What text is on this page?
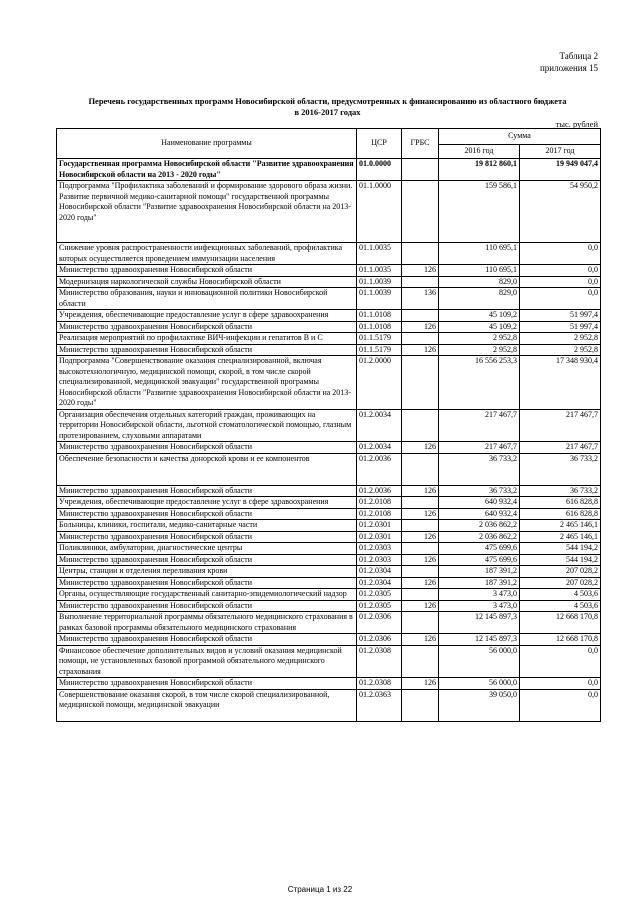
Таблица 2
приложения 15
Перечень государственных программ Новосибирской области, предусмотренных к финансированию из областного бюджета
в 2016-2017 годах
тыс. рублей
Наименование программы	ЦСР	ГРБС	Сумма	
			2016 год	2017 год
Государственная программа Новосибирской области "Развитие здравоохранения Новосибирской области на 2013 - 2020 годы"	01.0.0000		19 812 860,1	19 949 047,4
Подпрограмма "Профилактика заболеваний и формирование здорового образа жизни. Развитие первичной медико-санитарной помощи" государственной программы Новосибирской области "Развитие здравоохранения Новосибирской области на 2013-2020 годы"	01.1.0000		159 586,1	54 950,2
Снижение уровня распространенности инфекционных заболеваний, профилактика которых осуществляется проведением иммунизации населения	01.1.0035		110 695,1	0,0
Министерство здравоохранения Новосибирской области	01.1.0035	126	110 695,1	0,0
Модернизация наркологической службы Новосибирской области	01.1.0039		829,0	0,0
Министерство образования, науки и инновационной политики Новосибирской области	01.1.0039	136	829,0	0,0
Учреждения, обеспечивающие предоставление услуг в сфере здравоохранения	01.1.0108		45 109,2	51 997,4
Министерство здравоохранения Новосибирской области	01.1.0108	126	45 109,2	51 997,4
Реализация мероприятий по профилактике ВИЧ-инфекции и гепатитов В и С	01.1.5179		2 952,8	2 952,8
Министерство здравоохранения Новосибирской области	01.1.5179	126	2 952,8	2 952,8
Подпрограмма "Совершенствование оказания специализированной, включая высокотехнологичную, медицинской помощи, скорой, в том числе скорой специализированной, медицинской эвакуации" государственной программы Новосибирской области "Развитие здравоохранения Новосибирской области на 2013-2020 годы"	01.2.0000		16 556 253,3	17 348 930,4
Организация обеспечения отдельных категорий граждан, проживающих на территории Новосибирской области, льготной стоматологической помощью, глазным протезированием, слуховыми аппаратами	01.2.0034		217 467,7	217 467,7
Министерство здравоохранения Новосибирской области	01.2.0034	126	217 467,7	217 467,7
Обеспечение безопасности и качества донорской крови и ее компонентов	01.2.0036		36 733,2	36 733,2
Министерство здравоохранения Новосибирской области	01.2.0036	126	36 733,2	36 733,2
Учреждения, обеспечивающие предоставление услуг в сфере здравоохранения	01.2.0108		640 932,4	616 828,8
Министерство здравоохранения Новосибирской области	01.2.0108	126	640 932,4	616 828,8
Больницы, клиники, госпитали, медико-санитарные части	01.2.0301		2 036 862,2	2 465 146,1
Министерство здравоохранения Новосибирской области	01.2.0301	126	2 036 862,2	2 465 146,1
Поликлиники, амбулатории, диагностические центры	01.2.0303		475 699,6	544 194,2
Министерство здравоохранения Новосибирской области	01.2.0303	126	475 699,6	544 194,2
Центры, станции и отделения переливания крови	01.2.0304		187 391,2	207 028,2
Министерство здравоохранения Новосибирской области	01.2.0304	126	187 391,2	207 028,2
Органы, осуществляющие государственный санитарно-эпидемиологический надзор	01.2.0305		3 473,0	4 503,6
Министерство здравоохранения Новосибирской области	01.2.0305	126	3 473,0	4 503,6
Выполнение территориальной программы обязательного медицинского страхования в рамках базовой программы обязательного медицинского страхования	01.2.0306		12 145 897,3	12 668 170,8
Министерство здравоохранения Новосибирской области	01.2.0306	126	12 145 897,3	12 668 170,8
Финансовое обеспечение дополнительных видов и условий оказания медицинской помощи, не установленных базовой программой обязательного медицинского страхования	01.2.0308		56 000,0	0,0
Министерство здравоохранения Новосибирской области	01.2.0308	126	56 000,0	0,0
Совершенствование оказания скорой, в том числе скорой специализированной, медицинской помощи, медицинской эвакуации	01.2.0363		39 050,0	0,0
Страница 1 из 22
